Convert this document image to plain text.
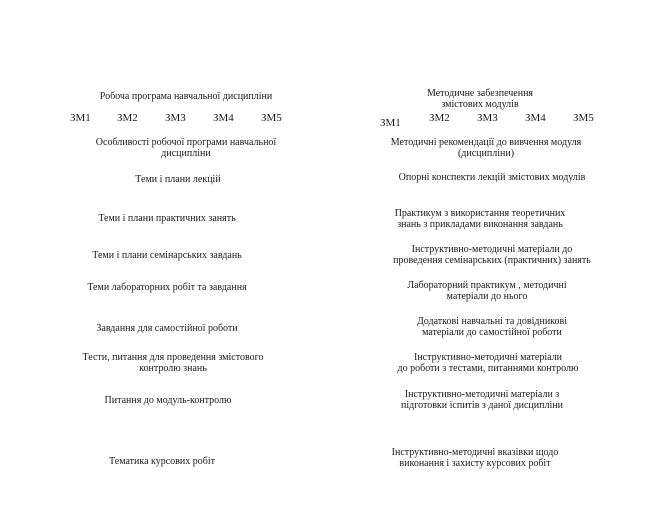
Робоча програма навчальної дисципліни
ЗМ1 ЗМ2 ЗМ3 ЗМ4 ЗМ5
Особливості робочої програми навчальної
дисципліни
Теми і плани лекцій
Теми і плани практичних занять
Теми і плани семінарських завдань
Теми лабораторних робіт та завдання
Завдання для самостійної роботи
Тести, питання для проведення змістового
контролю знань
Питання до модуль-контролю
Тематика курсових робіт
Методичне забезпечення
змістових модулів
ЗМ1	ЗМ2 ЗМ3 ЗМ4 ЗМ5
Методичні рекомендації до вивчення модуля
(дисципліни)
Опорні конспекти лекцій змістових модулів
Практикум з використання теоретичних
знань з прикладами виконання завдань
Інструктивно-методичні матеріали до
проведення семінарських (практичних) занять
Лабораторний практикум , методичні
матеріали до нього
Додаткові навчальні та довідникові
матеріали до самостійної роботи
Інструктивно-методичні матеріали
до роботи з тестами, питаннями контролю
Інструктивно-методичні матеріали з
підготовки іспитів з даної дисципліни
Інструктивно-методичні вказівки щодо
виконання і захисту курсових робіт
